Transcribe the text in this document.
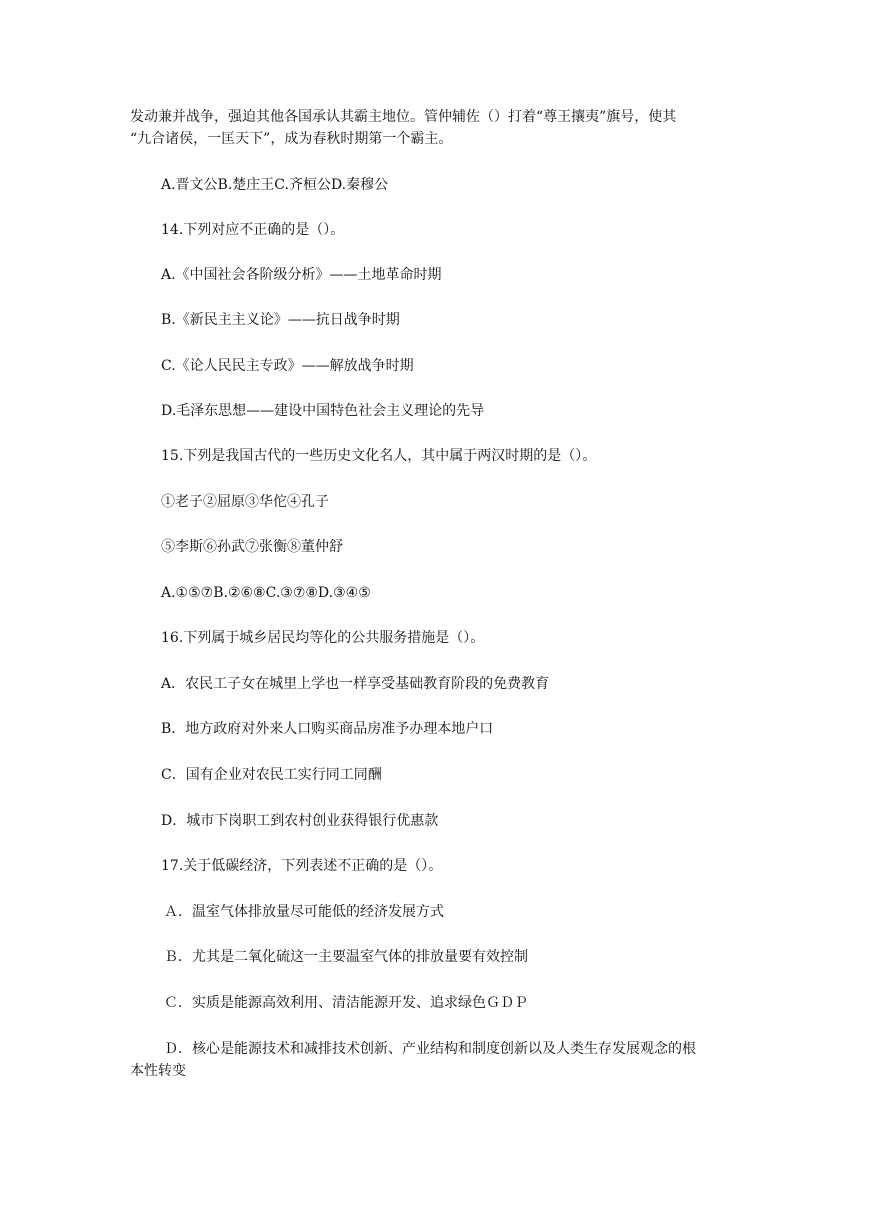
发动兼并战争，强迫其他各国承认其霸主地位。管仲辅佐（）打着“尊王攘夷”旗号，使其
“九合诸侯，一匡天下”，成为春秋时期第一个霸主。
A.晋文公B.楚庄王C.齐桓公D.秦穆公
14.下列对应不正确的是（）。
A.《中国社会各阶级分析》——土地革命时期
B.《新民主主义论》——抗日战争时期
C.《论人民民主专政》——解放战争时期
D.毛泽东思想——建设中国特色社会主义理论的先导
15.下列是我国古代的一些历史文化名人，其中属于两汉时期的是（）。
①老子②屈原③华佗④孔子
⑤李斯⑥孙武⑦张衡⑧董仲舒
A.①⑤⑦B.②⑥⑧C.③⑦⑧D.③④⑤
16.下列属于城乡居民均等化的公共服务措施是（）。
A．农民工子女在城里上学也一样享受基础教育阶段的免费教育
B．地方政府对外来人口购买商品房准予办理本地户口
C．国有企业对农民工实行同工同酬
D．城市下岗职工到农村创业获得银行优惠款
17.关于低碳经济，下列表述不正确的是（）。
Ａ．温室气体排放量尽可能低的经济发展方式
Ｂ．尤其是二氧化硫这一主要温室气体的排放量要有效控制
Ｃ．实质是能源高效利用、清洁能源开发、追求绿色ＧＤＰ
Ｄ．核心是能源技术和减排技术创新、产业结构和制度创新以及人类生存发展观念的根
本性转变
